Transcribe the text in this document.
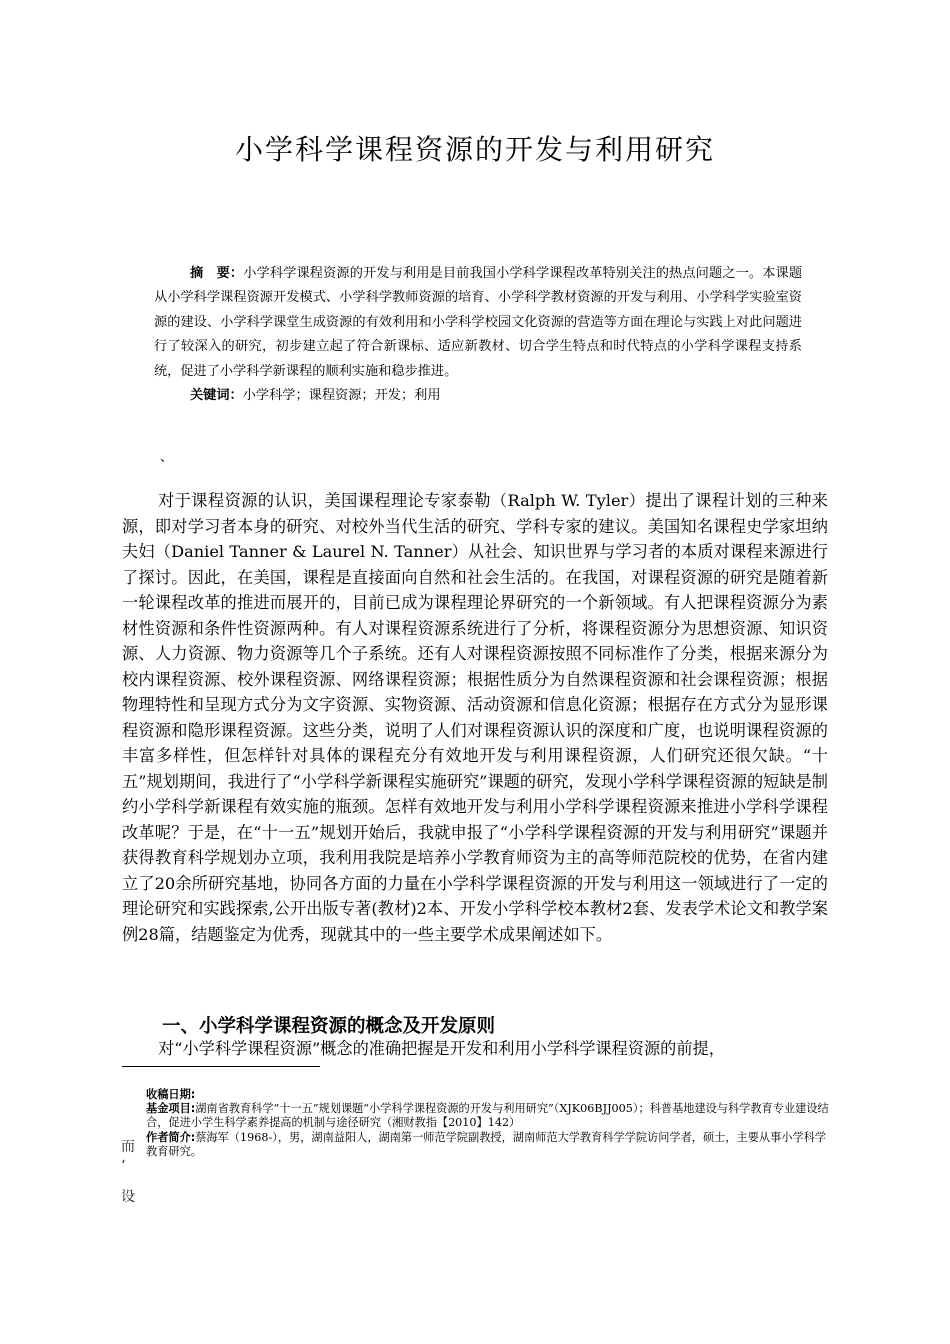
小学科学课程资源的开发与利用研究

摘　要：小学科学课程资源的开发与利用是目前我国小学科学课程改革特别关注的热点问题之一。本课题从小学科学课程资源开发模式、小学科学教师资源的培育、小学科学教材资源的开发与利用、小学科学实验室资源的建设、小学科学课堂生成资源的有效利用和小学科学校园文化资源的营造等方面在理论与实践上对此问题进行了较深入的研究，初步建立起了符合新课标、适应新教材、切合学生特点和时代特点的小学科学课程支持系统，促进了小学科学新课程的顺利实施和稳步推进。

关键词：小学科学；课程资源；开发；利用

、

对于课程资源的认识，美国课程理论专家泰勒（Ralph W. Tyler）提出了课程计划的三种来源，即对学习者本身的研究、对校外当代生活的研究、学科专家的建议。美国知名课程史学家坦纳夫妇（Daniel Tanner & Laurel N. Tanner）从社会、知识世界与学习者的本质对课程来源进行了探讨。因此，在美国，课程是直接面向自然和社会生活的。在我国，对课程资源的研究是随着新一轮课程改革的推进而展开的，目前已成为课程理论界研究的一个新领域。有人把课程资源分为素材性资源和条件性资源两种。有人对课程资源系统进行了分析，将课程资源分为思想资源、知识资源、人力资源、物力资源等几个子系统。还有人对课程资源按照不同标准作了分类，根据来源分为校内课程资源、校外课程资源、网络课程资源；根据性质分为自然课程资源和社会课程资源；根据物理特性和呈现方式分为文字资源、实物资源、活动资源和信息化资源；根据存在方式分为显形课程资源和隐形课程资源。这些分类，说明了人们对课程资源认识的深度和广度，也说明课程资源的丰富多样性，但怎样针对具体的课程充分有效地开发与利用课程资源，人们研究还很欠缺。“十五”规划期间，我进行了“小学科学新课程实施研究”课题的研究，发现小学科学课程资源的短缺是制约小学科学新课程有效实施的瓶颈。怎样有效地开发与利用小学科学课程资源来推进小学科学课程改革呢？于是，在“十一五”规划开始后，我就申报了“小学科学课程资源的开发与利用研究”课题并获得教育科学规划办立项，我利用我院是培养小学教育师资为主的高等师范院校的优势，在省内建立了20余所研究基地，协同各方面的力量在小学科学课程资源的开发与利用这一领域进行了一定的理论研究和实践探索,公开出版专著(教材)2本、开发小学科学校本教材2套、发表学术论文和教学案例28篇，结题鉴定为优秀，现就其中的一些主要学术成果阐述如下。

一、小学科学课程资源的概念及开发原则

对“小学科学课程资源”概念的准确把握是开发和利用小学科学课程资源的前提，

收稿日期:

基金项目:湖南省教育科学“十一五”规划课题“小学科学课程资源的开发与利用研究”（XJK06BJJ005）；科普基地建设与科学教育专业建设结合，促进小学生科学素养提高的机制与途径研究（湘财教指【2010】142）

作者简介:蔡海军（1968-），男，湖南益阳人，湖南第一师范学院副教授，湖南师范大学教育科学学院访问学者，硕士，主要从事小学科学教育研究。

而
‘
设
